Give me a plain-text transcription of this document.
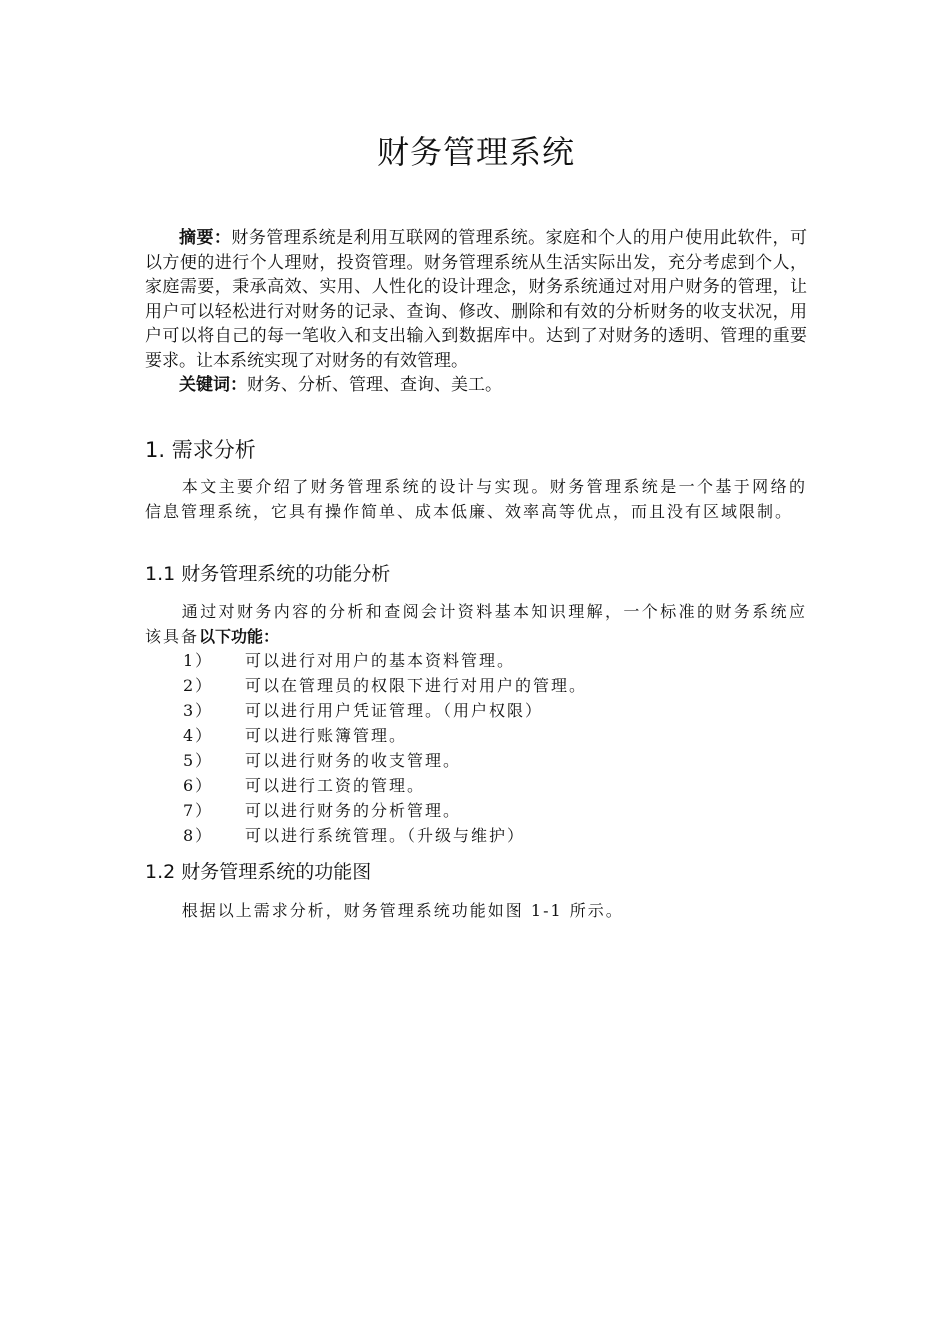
财务管理系统

摘要：财务管理系统是利用互联网的管理系统。家庭和个人的用户使用此软件，可以方便的进行个人理财，投资管理。财务管理系统从生活实际出发，充分考虑到个人，家庭需要，秉承高效、实用、人性化的设计理念，财务系统通过对用户财务的管理，让用户可以轻松进行对财务的记录、查询、修改、删除和有效的分析财务的收支状况，用户可以将自己的每一笔收入和支出输入到数据库中。达到了对财务的透明、管理的重要要求。让本系统实现了对财务的有效管理。

关键词：财务、分析、管理、查询、美工。

1. 需求分析

本文主要介绍了财务管理系统的设计与实现。财务管理系统是一个基于网络的信息管理系统，它具有操作简单、成本低廉、效率高等优点，而且没有区域限制。

1.1 财务管理系统的功能分析

通过对财务内容的分析和查阅会计资料基本知识理解，一个标准的财务系统应该具备以下功能：

1） 可以进行对用户的基本资料管理。
2） 可以在管理员的权限下进行对用户的管理。
3） 可以进行用户凭证管理。（用户权限）
4） 可以进行账簿管理。
5） 可以进行财务的收支管理。
6） 可以进行工资的管理。
7） 可以进行财务的分析管理。
8） 可以进行系统管理。（升级与维护）
1.2 财务管理系统的功能图

根据以上需求分析，财务管理系统功能如图 1-1 所示。
